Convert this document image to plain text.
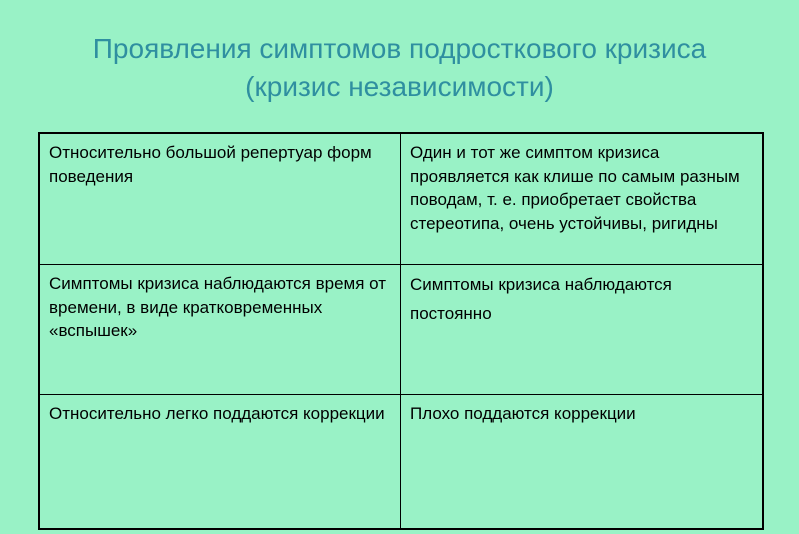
Проявления симптомов подросткового кризиса
(кризис независимости)
Относительно большой репертуар форм поведения
Один и тот же симптом кризиса проявляется как клише по самым разным поводам, т. е. приобретает свойства стереотипа, очень устойчивы, ригидны
Симптомы кризиса наблюдаются время от времени, в виде кратковременных «вспышек»
Симптомы кризиса наблюдаются постоянно
Относительно легко поддаются коррекции	Плохо поддаются коррекции
